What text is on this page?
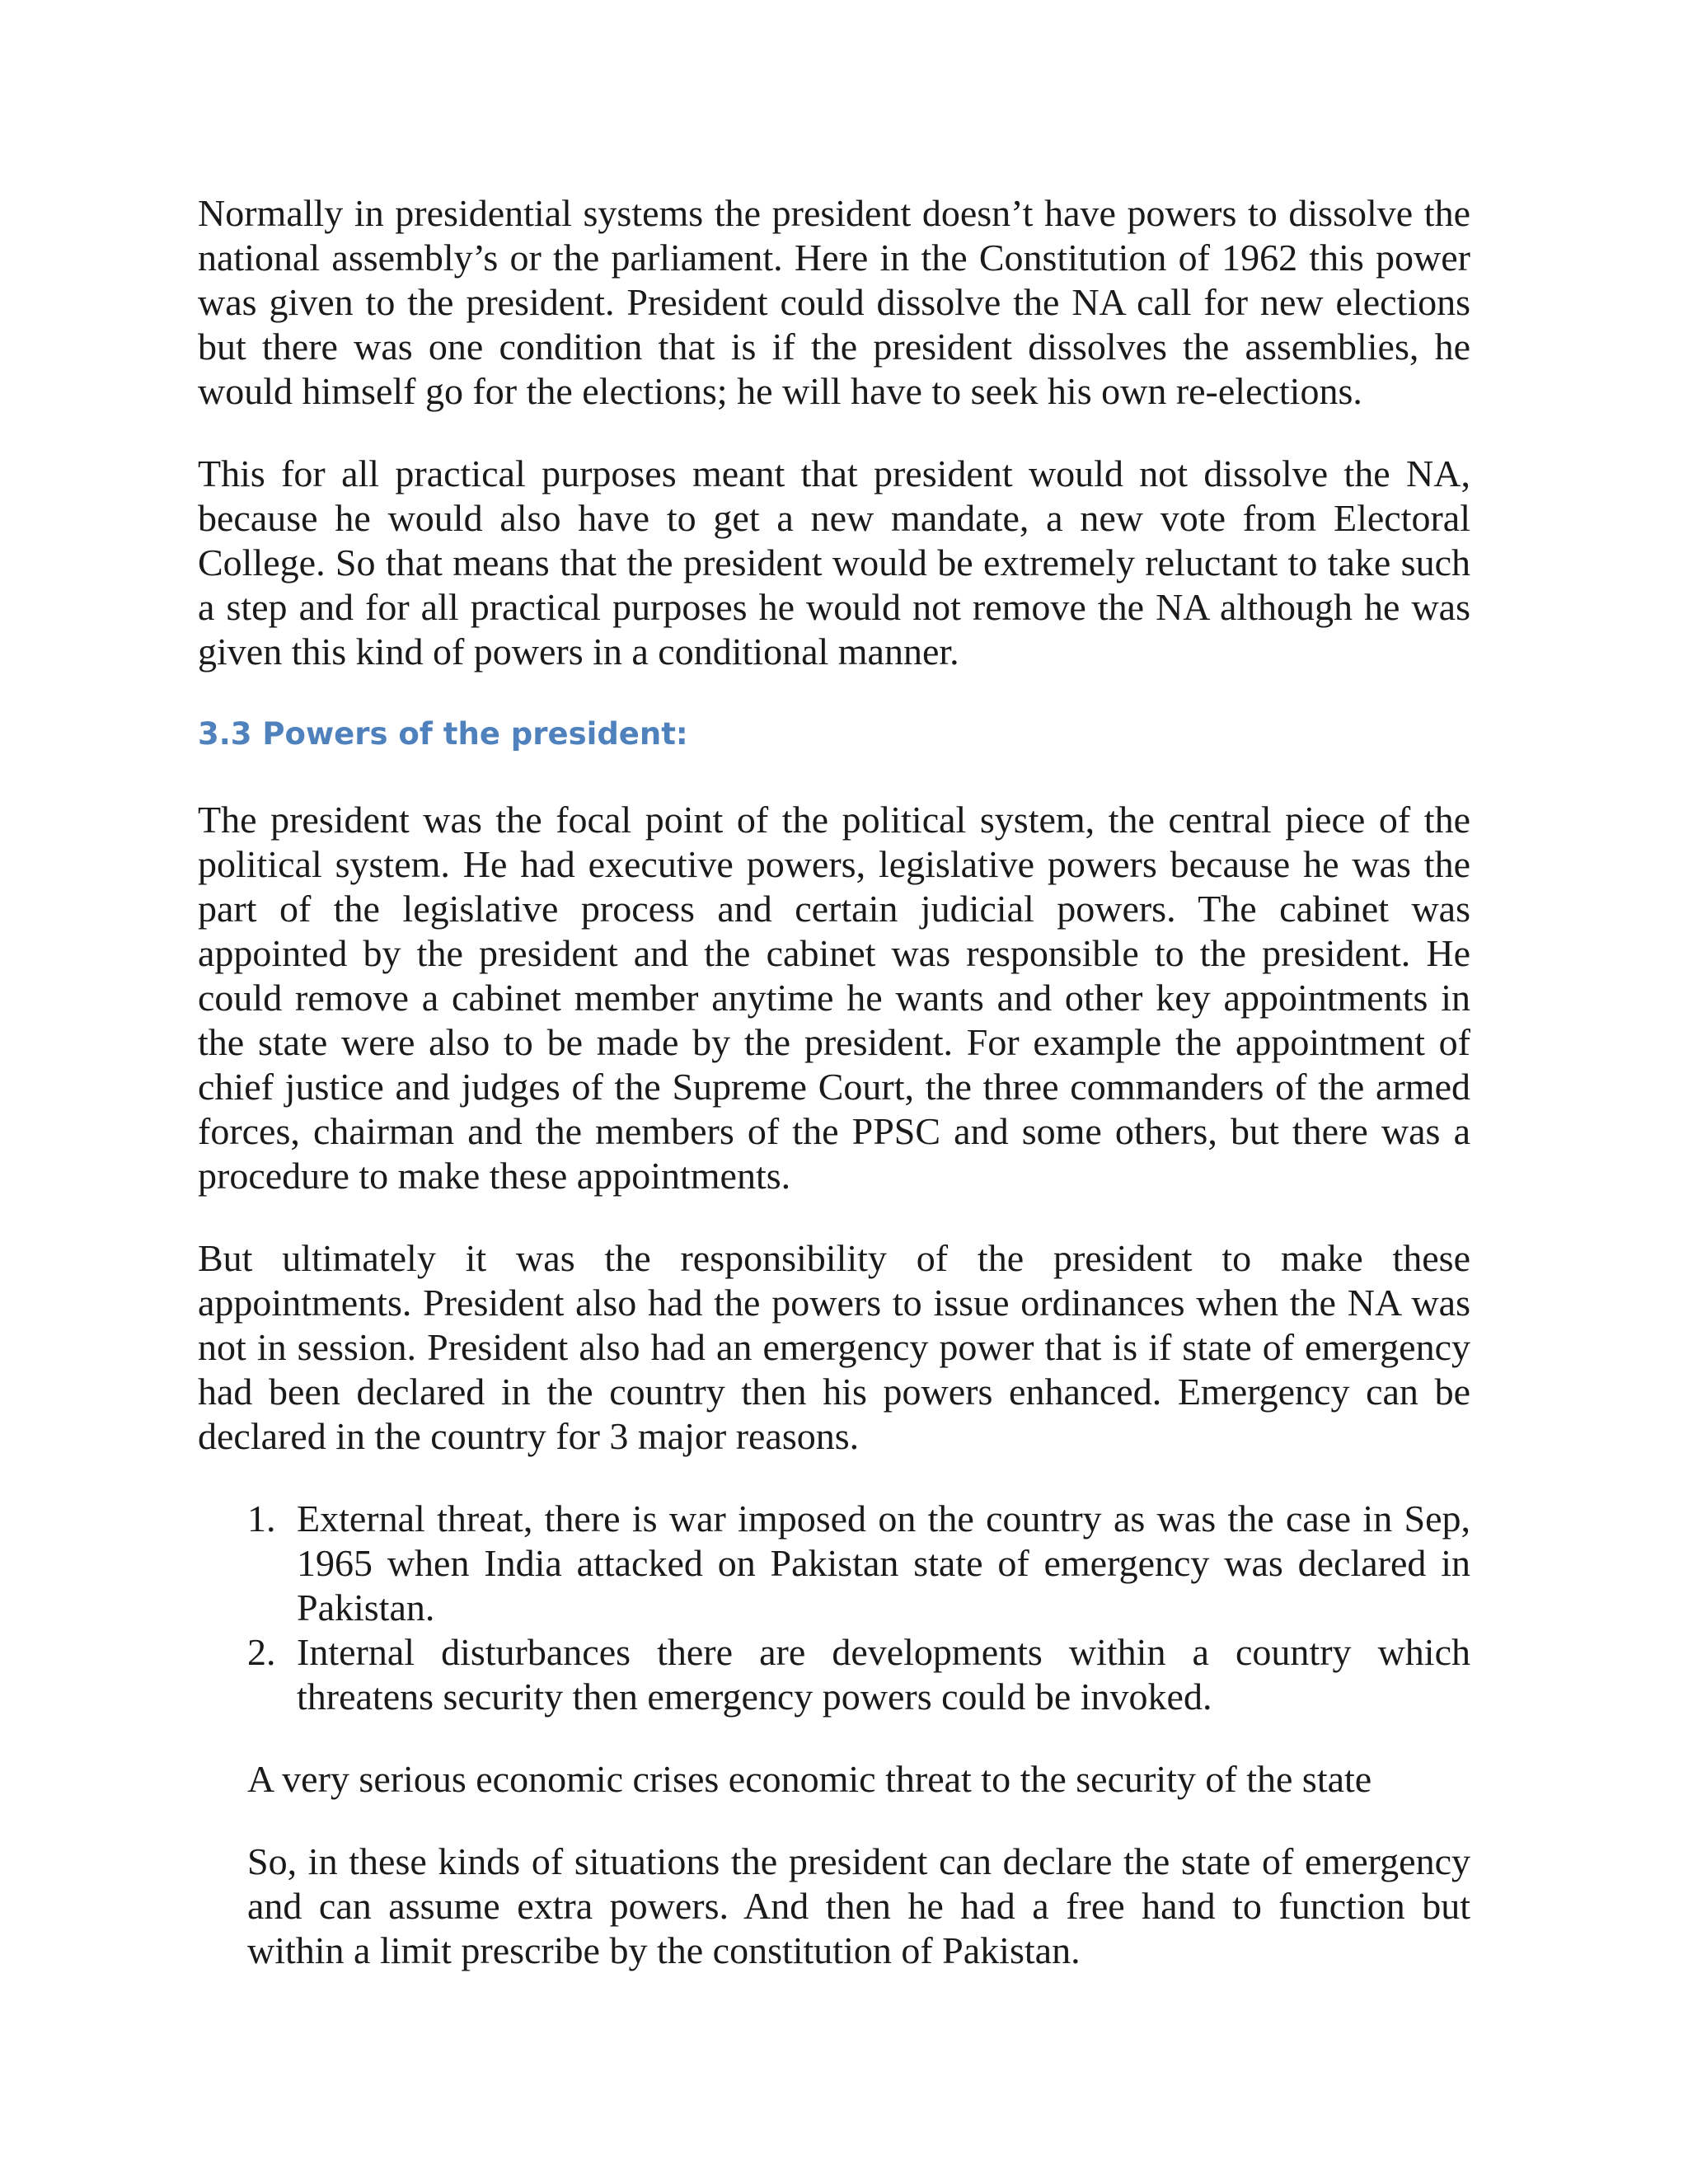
Normally in presidential systems the president doesn’t have powers to dissolve the national assembly’s or the parliament. Here in the Constitution of 1962 this power was given to the president. President could dissolve the NA call for new elections but there was one condition that is if the president dissolves the assemblies, he would himself go for the elections; he will have to seek his own re-elections.

This for all practical purposes meant that president would not dissolve the NA, because he would also have to get a new mandate, a new vote from Electoral College. So that means that the president would be extremely reluctant to take such a step and for all practical purposes he would not remove the NA although he was given this kind of powers in a conditional manner.

3.3 Powers of the president:

The president was the focal point of the political system, the central piece of the political system. He had executive powers, legislative powers because he was the part of the legislative process and certain judicial powers. The cabinet was appointed by the president and the cabinet was responsible to the president. He could remove a cabinet member anytime he wants and other key appointments in the state were also to be made by the president. For example the appointment of chief justice and judges of the Supreme Court, the three commanders of the armed forces, chairman and the members of the PPSC and some others, but there was a procedure to make these appointments.

But ultimately it was the responsibility of the president to make these appointments. President also had the powers to issue ordinances when the NA was not in session. President also had an emergency power that is if state of emergency had been declared in the country then his powers enhanced. Emergency can be declared in the country for 3 major reasons.

1. External threat, there is war imposed on the country as was the case in Sep, 1965 when India attacked on Pakistan state of emergency was declared in Pakistan.
2. Internal disturbances there are developments within a country which threatens security then emergency powers could be invoked.

A very serious economic crises economic threat to the security of the state

So, in these kinds of situations the president can declare the state of emergency and can assume extra powers. And then he had a free hand to function but within a limit prescribe by the constitution of Pakistan.
